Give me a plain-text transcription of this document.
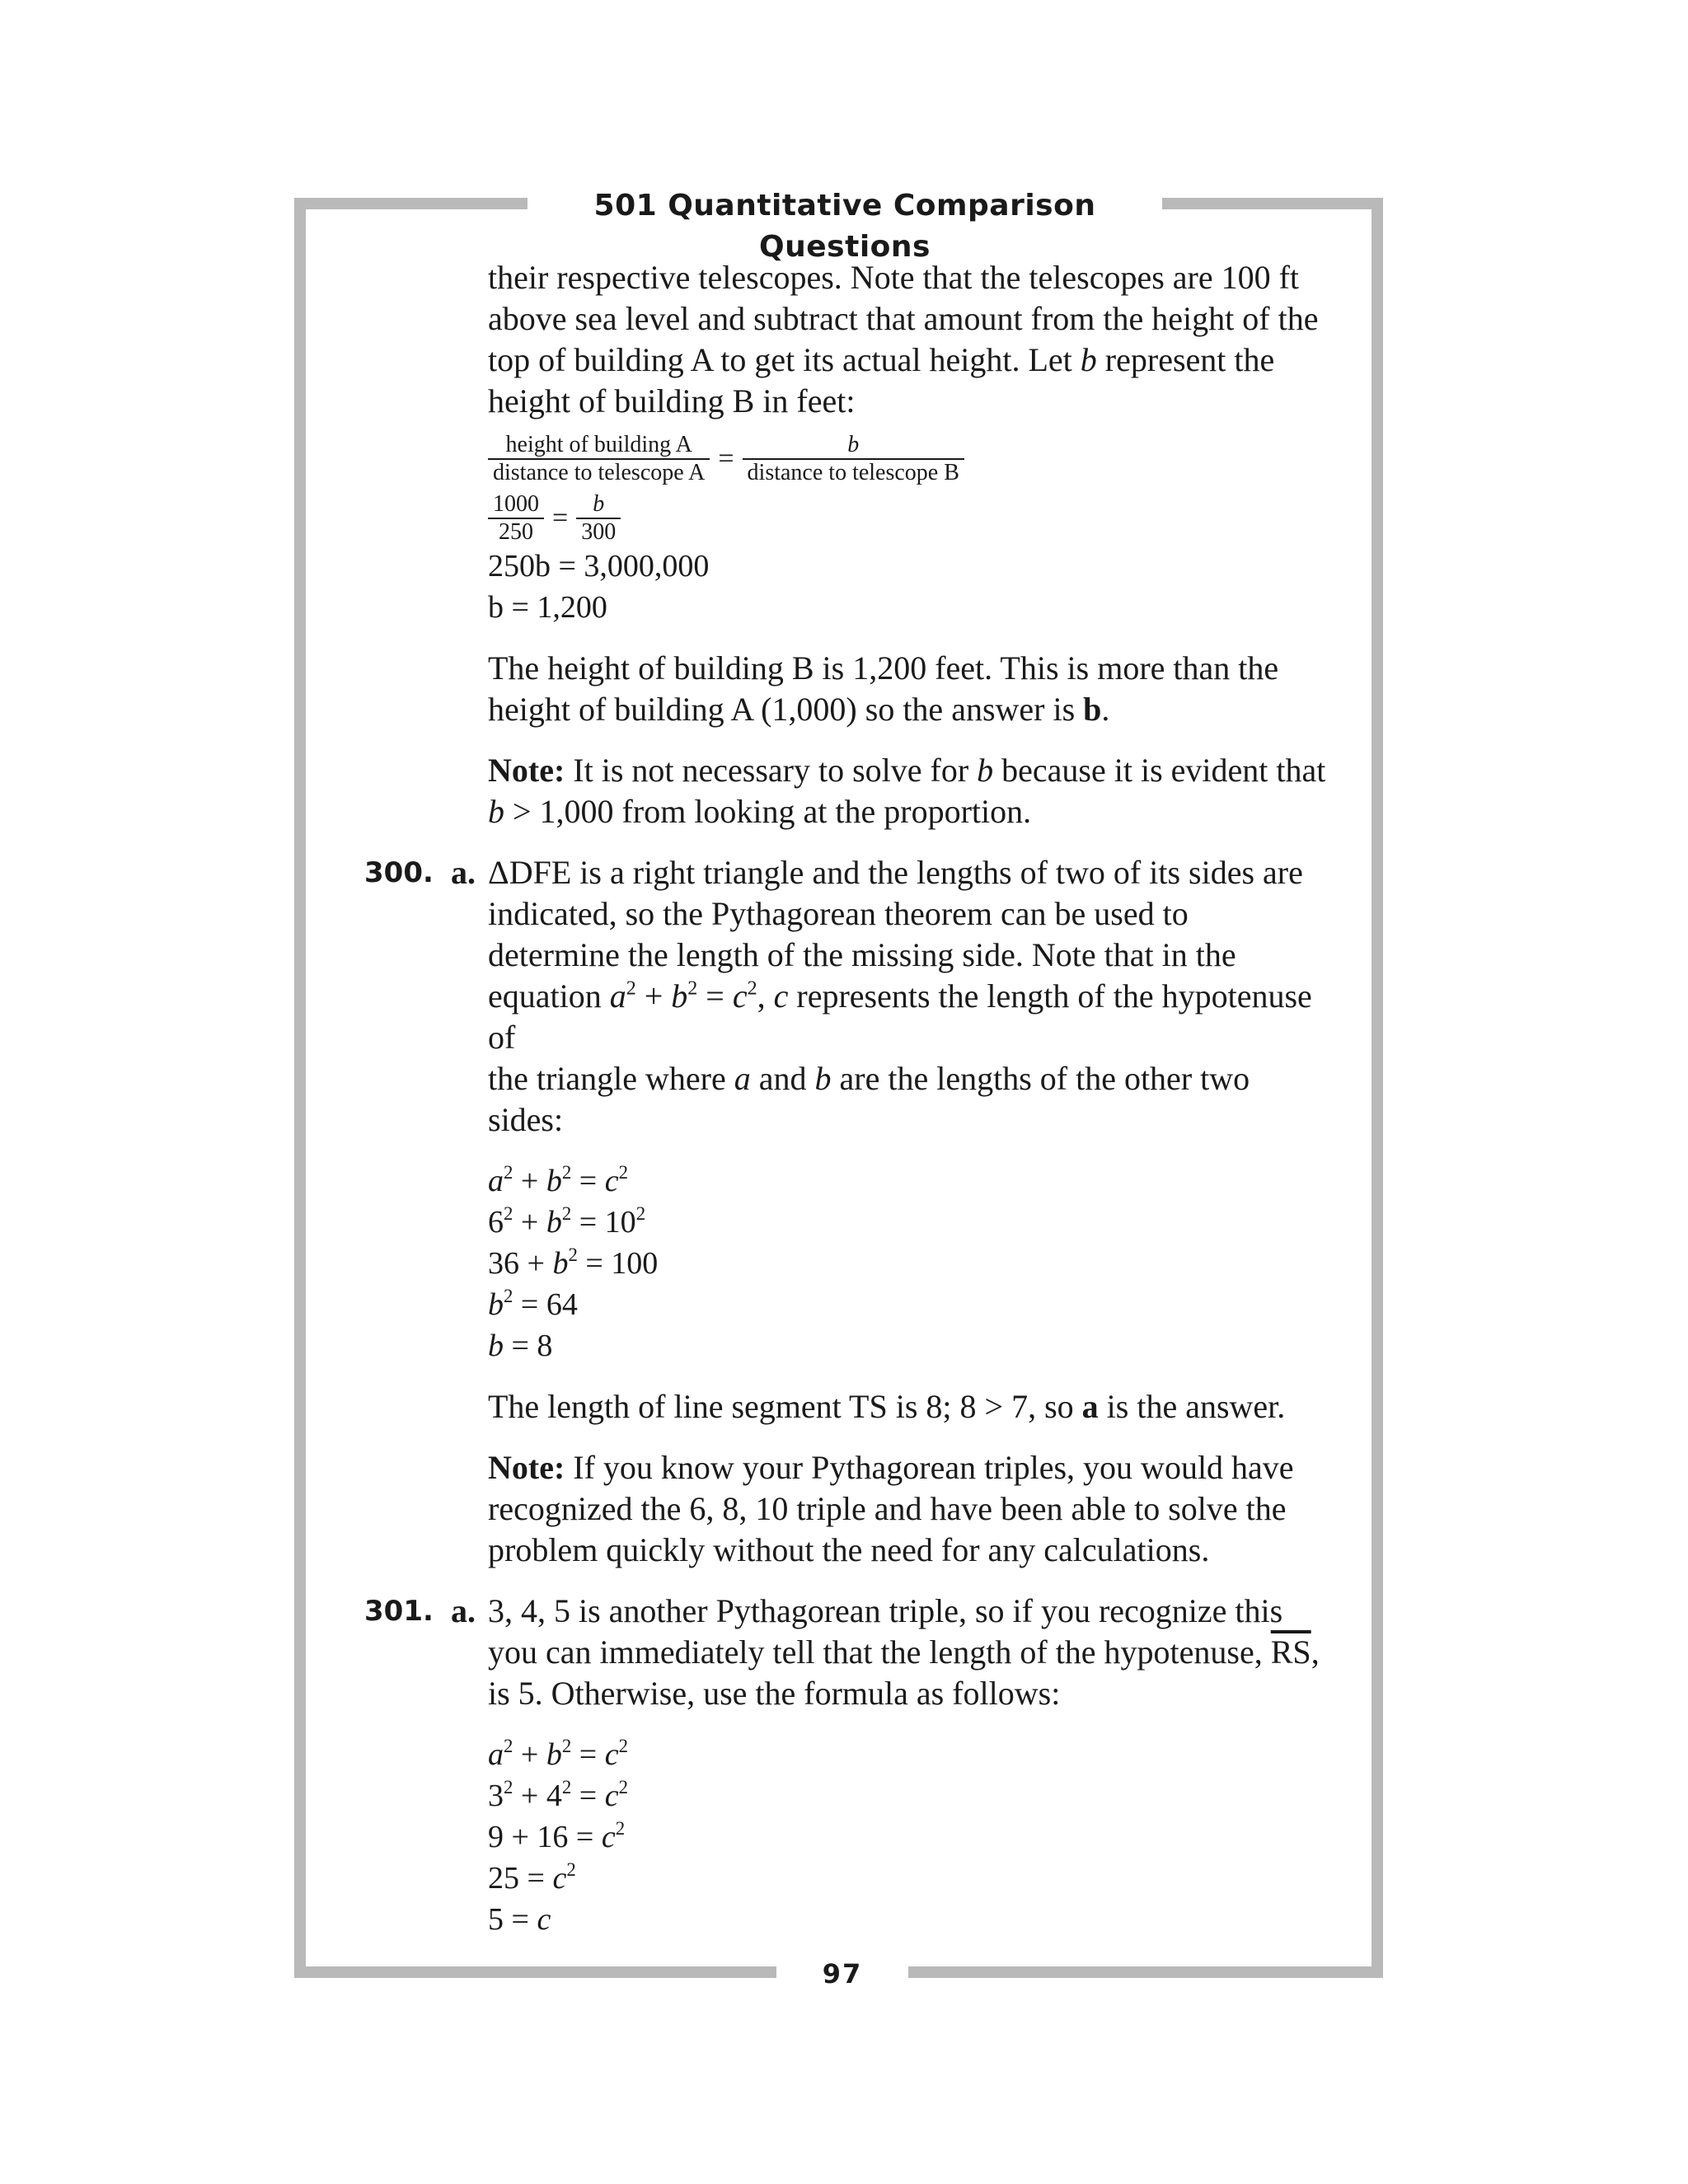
501 Quantitative Comparison Questions
97
their respective telescopes. Note that the telescopes are 100 ft
above sea level and subtract that amount from the height of the
top of building A to get its actual height. Let b represent the
height of building B in feet:
$\frac{\text{height of building A}}{\text{distance to telescope A}} = \frac{b}{\text{distance to telescope B}}$
$\frac{1000}{250} = \frac{b}{300}$
250b = 3,000,000
b = 1,200
The height of building B is 1,200 feet. This is more than the
height of building A (1,000) so the answer is b.
Note: It is not necessary to solve for b because it is evident that
b > 1,000 from looking at the proportion.
300. a. ΔDFE is a right triangle and the lengths of two of its sides are
indicated, so the Pythagorean theorem can be used to
determine the length of the missing side. Note that in the
equation $a^2 + b^2 = c^2$, c represents the length of the hypotenuse of
the triangle where a and b are the lengths of the other two sides:
$a^2 + b^2 = c^2$
$6^2 + b^2 = 10^2$
$36 + b^2 = 100$
$b^2 = 64$
b = 8
The length of line segment TS is 8; 8 > 7, so a is the answer.
Note: If you know your Pythagorean triples, you would have
recognized the 6, 8, 10 triple and have been able to solve the
problem quickly without the need for any calculations.
301. a. 3, 4, 5 is another Pythagorean triple, so if you recognize this
you can immediately tell that the length of the hypotenuse, $\overline{RS}$,
is 5. Otherwise, use the formula as follows:
$a^2 + b^2 = c^2$
$3^2 + 4^2 = c^2$
$9 + 16 = c^2$
$25 = c^2$
5 = c
